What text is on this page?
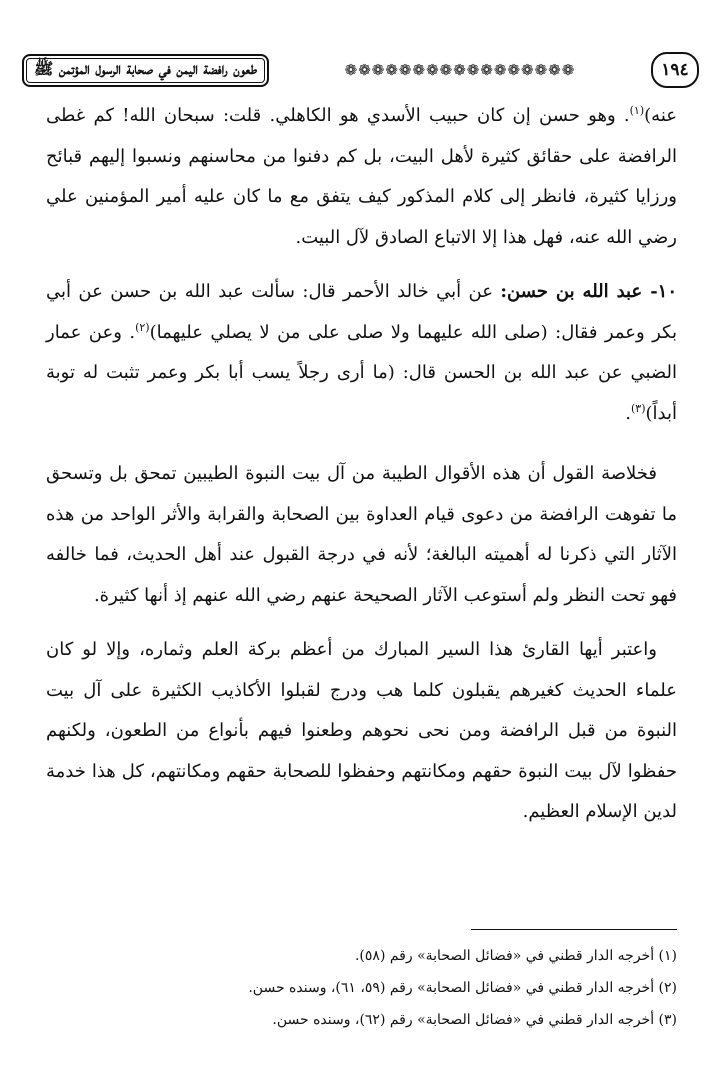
١٩٤
❁❁❁❁❁❁❁❁❁❁❁❁❁❁❁❁❁
طعون رافضة اليمن في صحابة الرسول المؤتمن ﷺ

عنه)$^{(١)}$. وهو حسن إن كان حبيب الأسدي هو الكاهلي. قلت: سبحان الله! كم غطى الرافضة على حقائق كثيرة لأهل البيت، بل كم دفنوا من محاسنهم ونسبوا إليهم قبائح ورزايا كثيرة، فانظر إلى كلام المذكور كيف يتفق مع ما كان عليه أمير المؤمنين علي رضي الله عنه، فهل هذا إلا الاتباع الصادق لآل البيت.

١٠- عبد الله بن حسن: عن أبي خالد الأحمر قال: سألت عبد الله بن حسن عن أبي بكر وعمر فقال: (صلى الله عليهما ولا صلى على من لا يصلي عليهما)$^{(٢)}$. وعن عمار الضبي عن عبد الله بن الحسن قال: (ما أرى رجلاً يسب أبا بكر وعمر تثبت له توبة أبداً)$^{(٣)}$.

فخلاصة القول أن هذه الأقوال الطيبة من آل بيت النبوة الطيبين تمحق بل وتسحق ما تفوهت الرافضة من دعوى قيام العداوة بين الصحابة والقرابة والأثر الواحد من هذه الآثار التي ذكرنا له أهميته البالغة؛ لأنه في درجة القبول عند أهل الحديث، فما خالفه فهو تحت النظر ولم أستوعب الآثار الصحيحة عنهم رضي الله عنهم إذ أنها كثيرة.

واعتبر أيها القارئ هذا السير المبارك من أعظم بركة العلم وثماره، وإلا لو كان علماء الحديث كغيرهم يقبلون كلما هب ودرج لقبلوا الأكاذيب الكثيرة على آل بيت النبوة من قبل الرافضة ومن نحى نحوهم وطعنوا فيهم بأنواع من الطعون، ولكنهم حفظوا لآل بيت النبوة حقهم ومكانتهم وحفظوا للصحابة حقهم ومكانتهم، كل هذا خدمة لدين الإسلام العظيم.

(١) أخرجه الدار قطني في «فضائل الصحابة» رقم (٥٨).
(٢) أخرجه الدار قطني في «فضائل الصحابة» رقم (٥٩، ٦١)، وسنده حسن.
(٣) أخرجه الدار قطني في «فضائل الصحابة» رقم (٦٢)، وسنده حسن.
